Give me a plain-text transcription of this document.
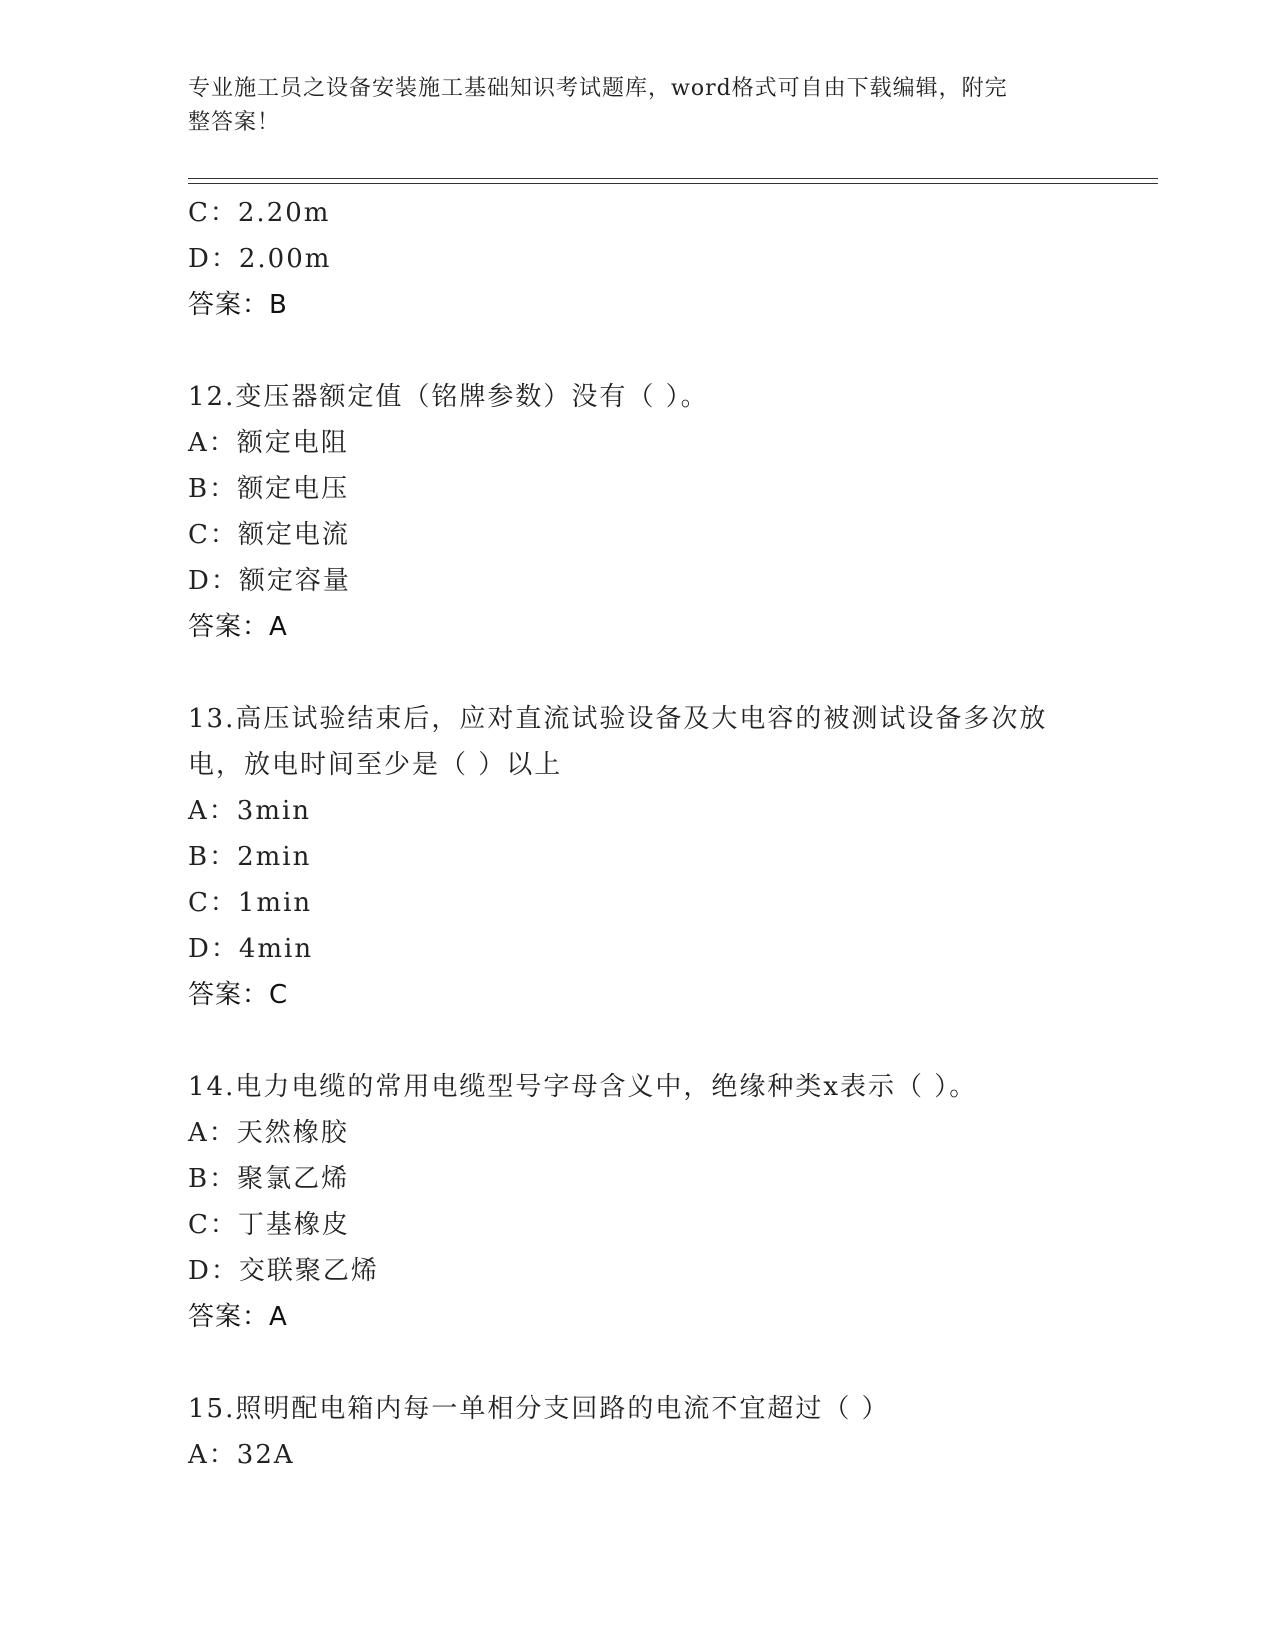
专业施工员之设备安装施工基础知识考试题库，word格式可自由下载编辑，附完
整答案！
C：2.20m
D：2.00m
答案：B
12.变压器额定值（铭牌参数）没有（ ）。
A：额定电阻
B：额定电压
C：额定电流
D：额定容量
答案：A
13.高压试验结束后，应对直流试验设备及大电容的被测试设备多次放
电，放电时间至少是（ ）以上
A：3min
B：2min
C：1min
D：4min
答案：C
14.电力电缆的常用电缆型号字母含义中，绝缘种类x表示（ ）。
A：天然橡胶
B：聚氯乙烯
C：丁基橡皮
D：交联聚乙烯
答案：A
15.照明配电箱内每一单相分支回路的电流不宜超过（ ）
A：32A
